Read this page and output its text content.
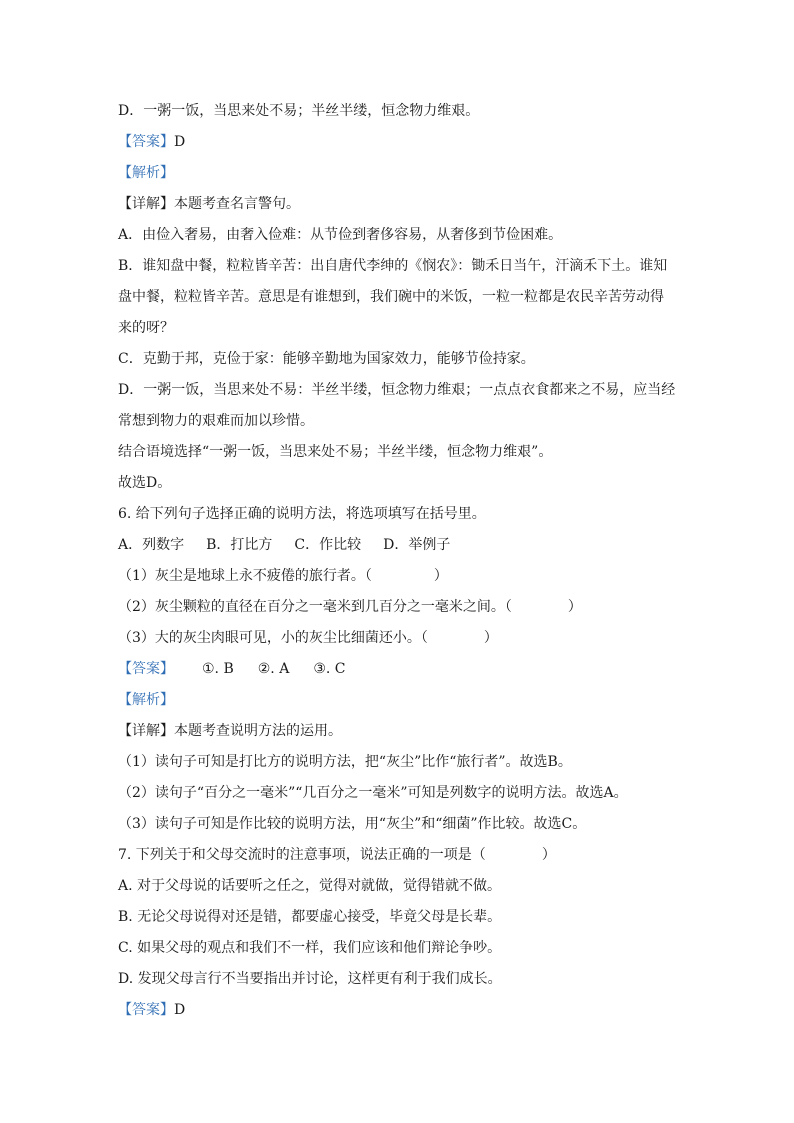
D．一粥一饭，当思来处不易；半丝半缕，恒念物力维艰。
【答案】D
【解析】
【详解】本题考查名言警句。
A．由俭入奢易，由奢入俭难：从节俭到奢侈容易，从奢侈到节俭困难。
B．谁知盘中餐，粒粒皆辛苦：出自唐代李绅的《悯农》：锄禾日当午，汗滴禾下土。谁知
盘中餐，粒粒皆辛苦。意思是有谁想到，我们碗中的米饭，一粒一粒都是农民辛苦劳动得
来的呀？
C．克勤于邦，克俭于家：能够辛勤地为国家效力，能够节俭持家。
D．一粥一饭，当思来处不易：半丝半缕，恒念物力维艰；一点点衣食都来之不易，应当经
常想到物力的艰难而加以珍惜。
结合语境选择“一粥一饭，当思来处不易；半丝半缕，恒念物力维艰”。
故选D。
6. 给下列句子选择正确的说明方法，将选项填写在括号里。
A．列数字 B．打比方 C．作比较 D．举例子
（1）灰尘是地球上永不疲倦的旅行者。（	）
（2）灰尘颗粒的直径在百分之一毫米到几百分之一毫米之间。（	）
（3）大的灰尘肉眼可见，小的灰尘比细菌还小。（	）
【答案】 ①. B ②. A ③. C
【解析】
【详解】本题考查说明方法的运用。
（1）读句子可知是打比方的说明方法，把“灰尘”比作“旅行者”。故选B。
（2）读句子“百分之一毫米”“几百分之一毫米”可知是列数字的说明方法。故选A。
（3）读句子可知是作比较的说明方法，用“灰尘”和“细菌”作比较。故选C。
7. 下列关于和父母交流时的注意事项，说法正确的一项是（	）
A. 对于父母说的话要听之任之，觉得对就做，觉得错就不做。
B. 无论父母说得对还是错，都要虚心接受，毕竟父母是长辈。
C. 如果父母的观点和我们不一样，我们应该和他们辩论争吵。
D. 发现父母言行不当要指出并讨论，这样更有利于我们成长。
【答案】D
